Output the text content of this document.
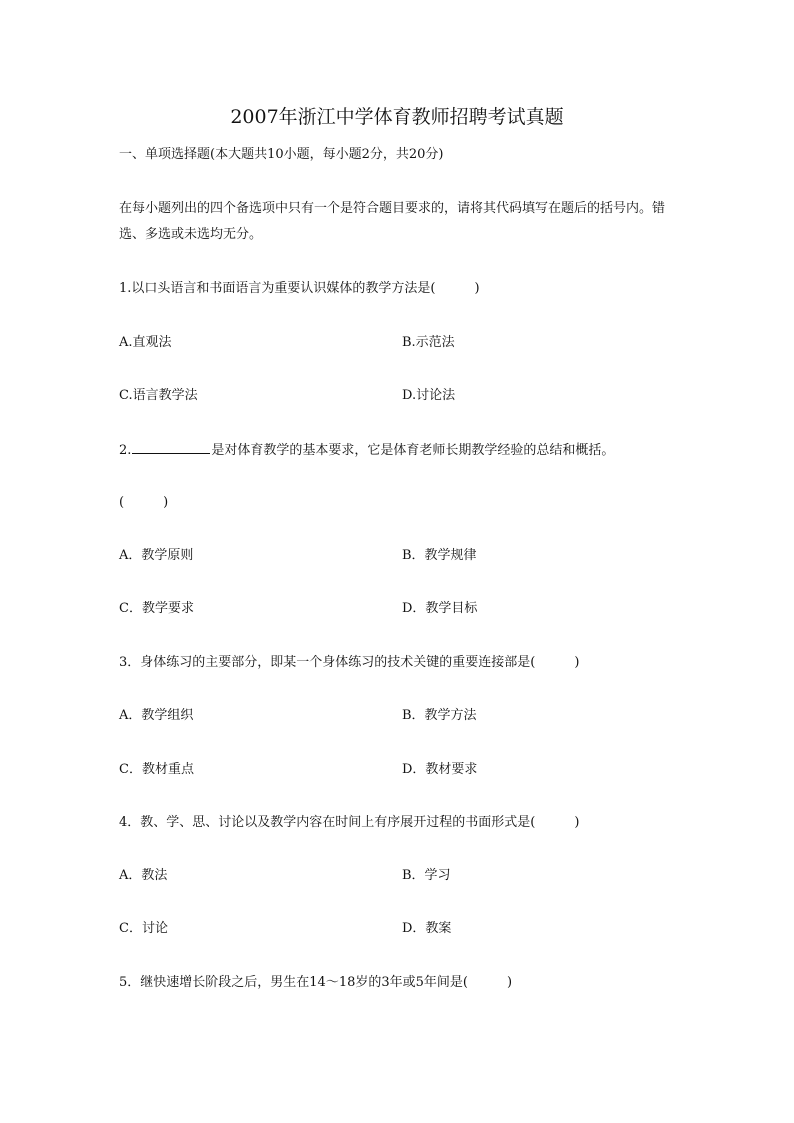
2007年浙江中学体育教师招聘考试真题
一、单项选择题(本大题共10小题，每小题2分，共20分)
在每小题列出的四个备选项中只有一个是符合题目要求的，请将其代码填写在题后的括号内。错选、多选或未选均无分。
1.以口头语言和书面语言为重要认识媒体的教学方法是(　　　)
A.直观法	B.示范法
C.语言教学法	D.讨论法
2.	是对体育教学的基本要求，它是体育老师长期教学经验的总结和概括。
(　　　)
A．教学原则	B．教学规律
C．教学要求	D．教学目标
3．身体练习的主要部分，即某一个身体练习的技术关键的重要连接部是(　　　)
A．教学组织	B．教学方法
C．教材重点	D．教材要求
4．教、学、思、讨论以及教学内容在时间上有序展开过程的书面形式是(　　　)
A．教法	B．学习
C．讨论	D．教案
5．继快速增长阶段之后，男生在14～18岁的3年或5年间是(　　　)
